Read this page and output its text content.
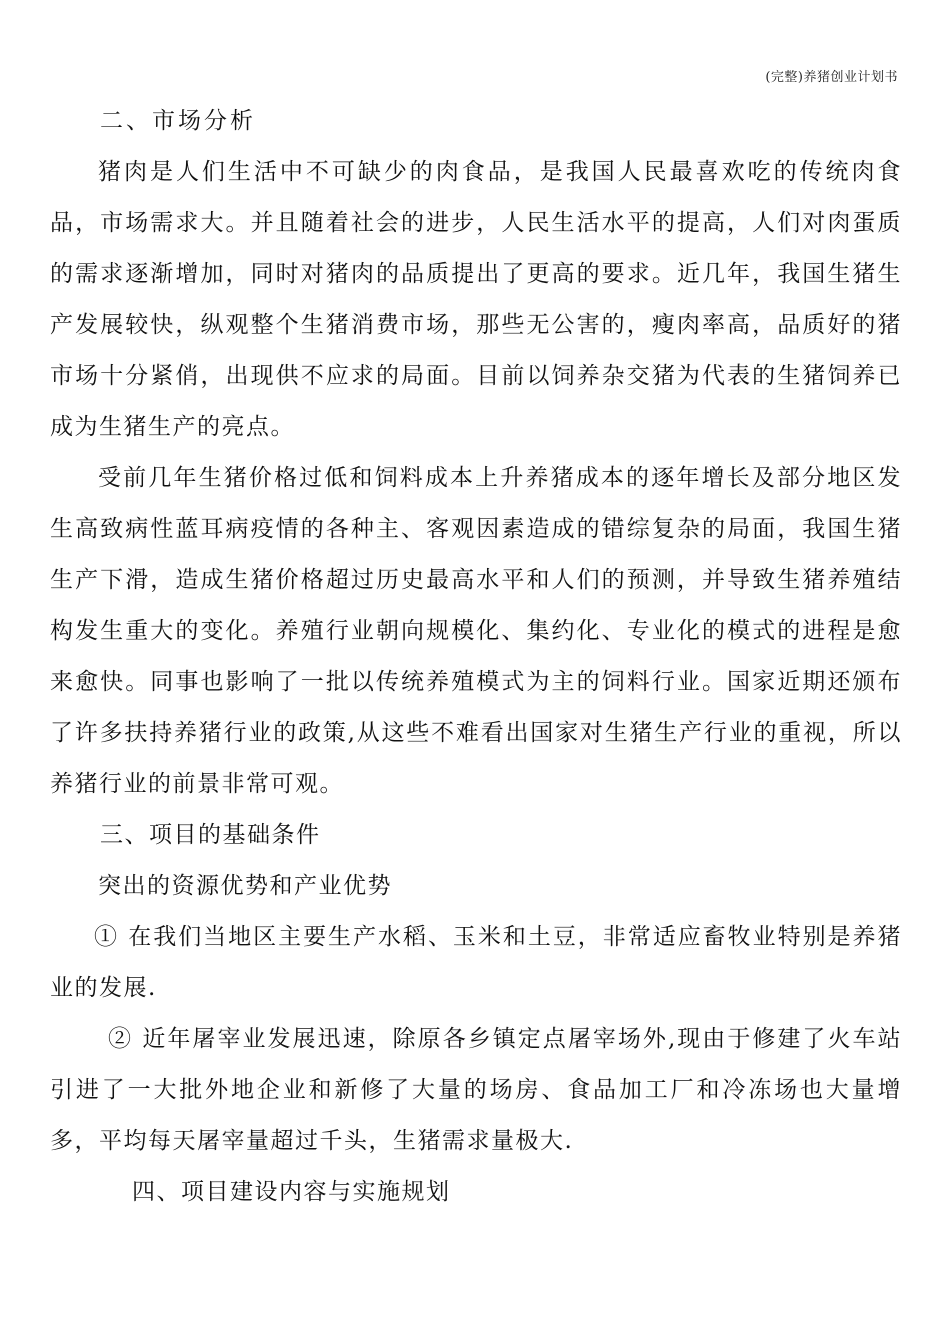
(完整)养猪创业计划书

二、市场分析

猪肉是人们生活中不可缺少的肉食品，是我国人民最喜欢吃的传统肉食品，市场需求大。并且随着社会的进步，人民生活水平的提高，人们对肉蛋质的需求逐渐增加，同时对猪肉的品质提出了更高的要求。近几年，我国生猪生产发展较快，纵观整个生猪消费市场，那些无公害的，瘦肉率高，品质好的猪市场十分紧俏，出现供不应求的局面。目前以饲养杂交猪为代表的生猪饲养已成为生猪生产的亮点。

受前几年生猪价格过低和饲料成本上升养猪成本的逐年增长及部分地区发生高致病性蓝耳病疫情的各种主、客观因素造成的错综复杂的局面，我国生猪生产下滑，造成生猪价格超过历史最高水平和人们的预测，并导致生猪养殖结构发生重大的变化。养殖行业朝向规模化、集约化、专业化的模式的进程是愈来愈快。同事也影响了一批以传统养殖模式为主的饲料行业。国家近期还颁布了许多扶持养猪行业的政策,从这些不难看出国家对生猪生产行业的重视，所以养猪行业的前景非常可观。

三、项目的基础条件

突出的资源优势和产业优势

① 在我们当地区主要生产水稻、玉米和土豆，非常适应畜牧业特别是养猪业的发展.

② 近年屠宰业发展迅速，除原各乡镇定点屠宰场外,现由于修建了火车站引进了一大批外地企业和新修了大量的场房、食品加工厂和冷冻场也大量增多，平均每天屠宰量超过千头，生猪需求量极大.

四、项目建设内容与实施规划
